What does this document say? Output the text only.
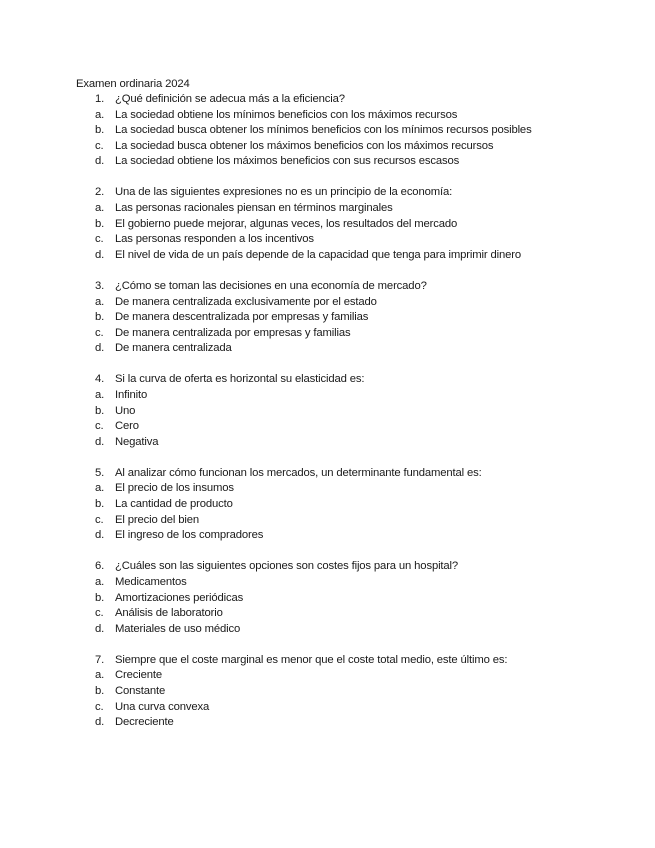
Examen ordinaria 2024
1. ¿Qué definición se adecua más a la eficiencia?
a. La sociedad obtiene los mínimos beneficios con los máximos recursos
b. La sociedad busca obtener los mínimos beneficios con los mínimos recursos posibles
c. La sociedad busca obtener los máximos beneficios con los máximos recursos
d. La sociedad obtiene los máximos beneficios con sus recursos escasos
2. Una de las siguientes expresiones no es un principio de la economía:
a. Las personas racionales piensan en términos marginales
b. El gobierno puede mejorar, algunas veces, los resultados del mercado
c. Las personas responden a los incentivos
d. El nivel de vida de un país depende de la capacidad que tenga para imprimir dinero
3. ¿Cómo se toman las decisiones en una economía de mercado?
a. De manera centralizada exclusivamente por el estado
b. De manera descentralizada por empresas y familias
c. De manera centralizada por empresas y familias
d. De manera centralizada
4. Si la curva de oferta es horizontal su elasticidad es:
a. Infinito
b. Uno
c. Cero
d. Negativa
5. Al analizar cómo funcionan los mercados, un determinante fundamental es:
a. El precio de los insumos
b. La cantidad de producto
c. El precio del bien
d. El ingreso de los compradores
6. ¿Cuáles son las siguientes opciones son costes fijos para un hospital?
a. Medicamentos
b. Amortizaciones periódicas
c. Análisis de laboratorio
d. Materiales de uso médico
7. Siempre que el coste marginal es menor que el coste total medio, este último es:
a. Creciente
b. Constante
c. Una curva convexa
d. Decreciente
